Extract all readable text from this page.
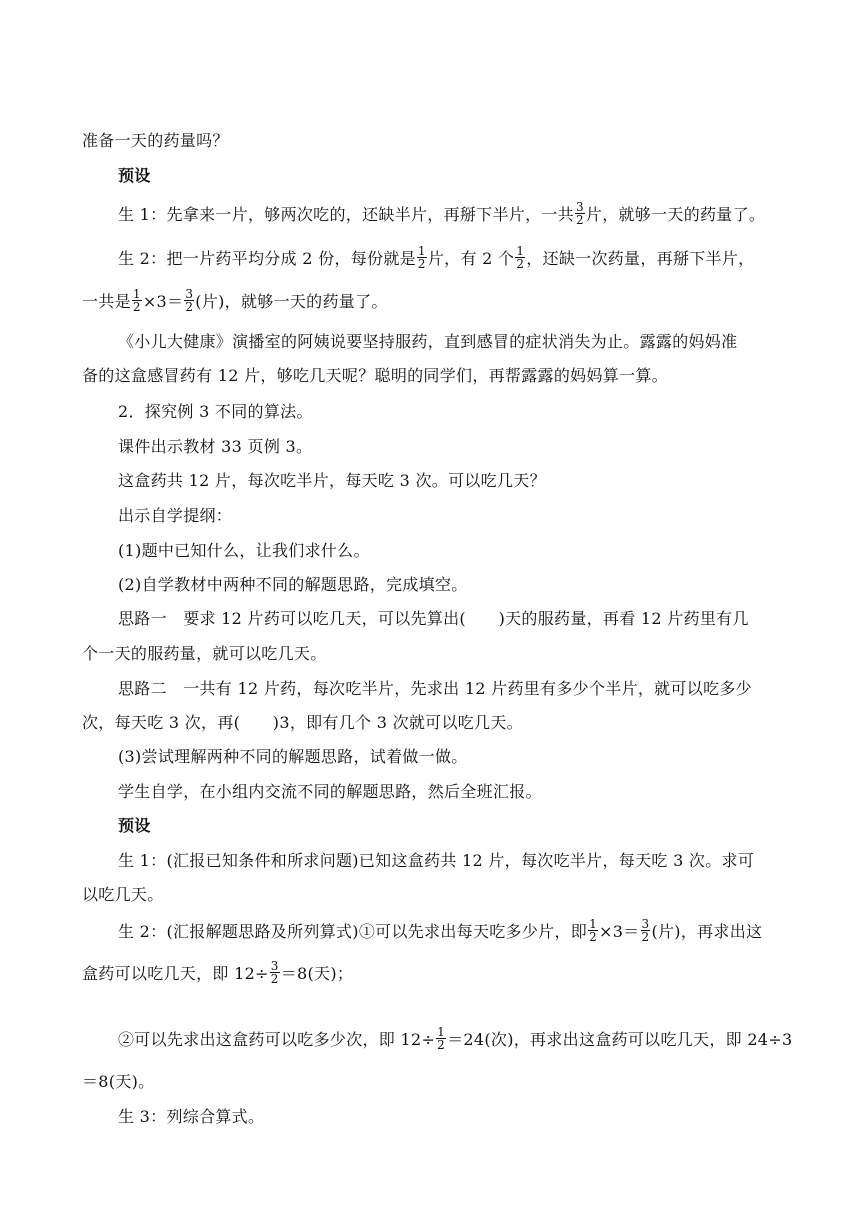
准备一天的药量吗？
预设
生 1：先拿来一片，够两次吃的，还缺半片，再掰下半片，一共 $\frac{3}{2}$ 片，就够一天的药量了。
生 2：把一片药平均分成 2 份，每份就是 $\frac{1}{2}$ 片，有 2 个 $\frac{1}{2}$ ，还缺一次药量，再掰下半片，
一共是 $\frac{1}{2} \times 3= \frac{3}{2}$ (片)，就够一天的药量了。
《小儿大健康》演播室的阿姨说要坚持服药，直到感冒的症状消失为止。露露的妈妈准
备的这盒感冒药有 12 片，够吃几天呢？聪明的同学们，再帮露露的妈妈算一算。
2．探究例 3 不同的算法。
课件出示教材 33 页例 3。
这盒药共 12 片，每次吃半片，每天吃 3 次。可以吃几天？
出示自学提纲：
(1)题中已知什么，让我们求什么。
(2)自学教材中两种不同的解题思路，完成填空。
思路一　要求 12 片药可以吃几天，可以先算出(　　)天的服药量，再看 12 片药里有几
个一天的服药量，就可以吃几天。
思路二　一共有 12 片药，每次吃半片，先求出 12 片药里有多少个半片，就可以吃多少
次，每天吃 3 次，再(　　)3，即有几个 3 次就可以吃几天。
(3)尝试理解两种不同的解题思路，试着做一做。
学生自学，在小组内交流不同的解题思路，然后全班汇报。
预设
生 1：(汇报已知条件和所求问题)已知这盒药共 12 片，每次吃半片，每天吃 3 次。求可
以吃几天。
生 2：(汇报解题思路及所列算式)①可以先求出每天吃多少片，即 $\frac{1}{2} \times 3= \frac{3}{2}$ (片)，再求出这
盒药可以吃几天，即 $12\div \frac{3}{2} =8$(天)；
②可以先求出这盒药可以吃多少次，即 $12\div \frac{1}{2} =24$(次)，再求出这盒药可以吃几天，即 24÷3
＝8(天)。
生 3：列综合算式。
